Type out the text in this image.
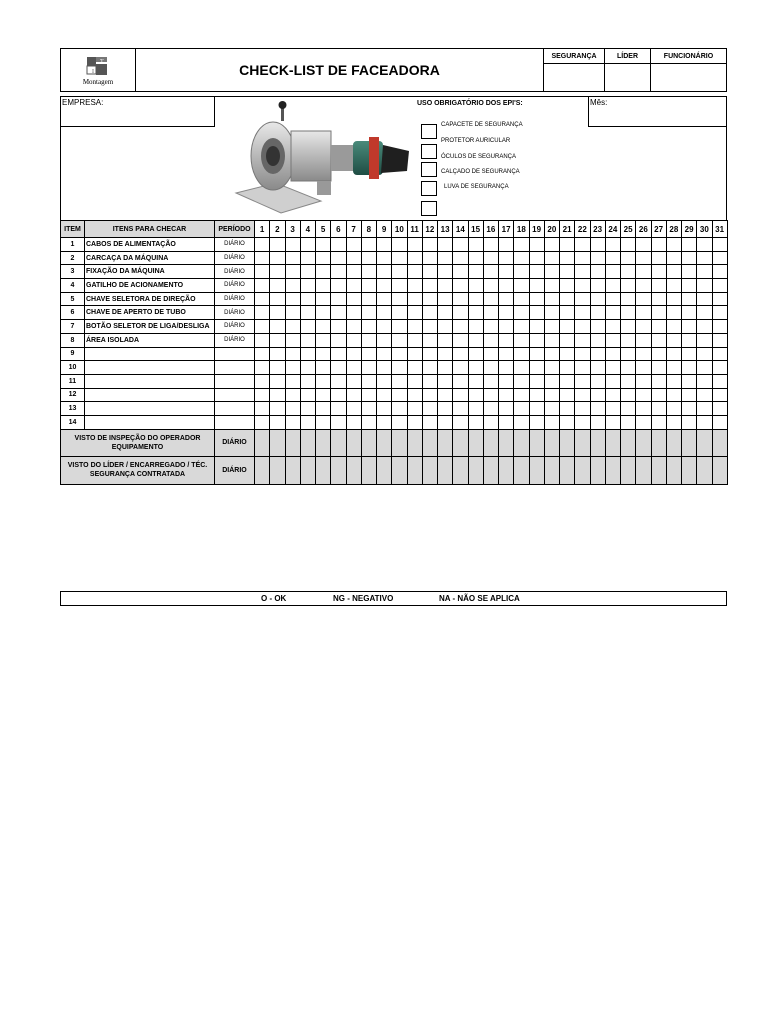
I
T
Montagem
CHECK-LIST DE FACEADORA
SEGURANÇA	LÍDER	FUNCIONÁRIO
EMPRESA:	USO OBRIGATÓRIO DOS EPI'S:
CAPACETE DE SEGURANÇA
PROTETOR AURICULAR
ÓCULOS DE SEGURANÇA
CALÇADO DE SEGURANÇA
LUVA DE SEGURANÇA
Mês:
ITEM	ITENS PARA CHECAR	PERÍODO	1	2	3	4	5	6	7	8	9	10	11	12	13	14	15	16	17	18	19	20	21	22	23	24	25	26	27	28	29	30	31
1	CABOS DE ALIMENTAÇÃO	DIÁRIO																															
2	CARCAÇA DA MÁQUINA	DIÁRIO																															
3	FIXAÇÃO DA MÁQUINA	DIÁRIO																															
4	GATILHO DE ACIONAMENTO	DIÁRIO																															
5	CHAVE SELETORA DE DIREÇÃO	DIÁRIO																															
6	CHAVE DE APERTO DE TUBO	DIÁRIO																															
7	BOTÃO SELETOR DE LIGA/DESLIGA	DIÁRIO																															
8	ÁREA ISOLADA	DIÁRIO																															
9																																	
10																																	
11																																	
12																																	
13																																	
14																																	
VISTO DE INSPEÇÃO DO OPERADOR EQUIPAMENTO		DIÁRIO																															
VISTO DO LÍDER / ENCARREGADO / TÉC. SEGURANÇA CONTRATADA		DIÁRIO																															
O - OK	NG - NEGATIVO	NA - NÃO SE APLICA
